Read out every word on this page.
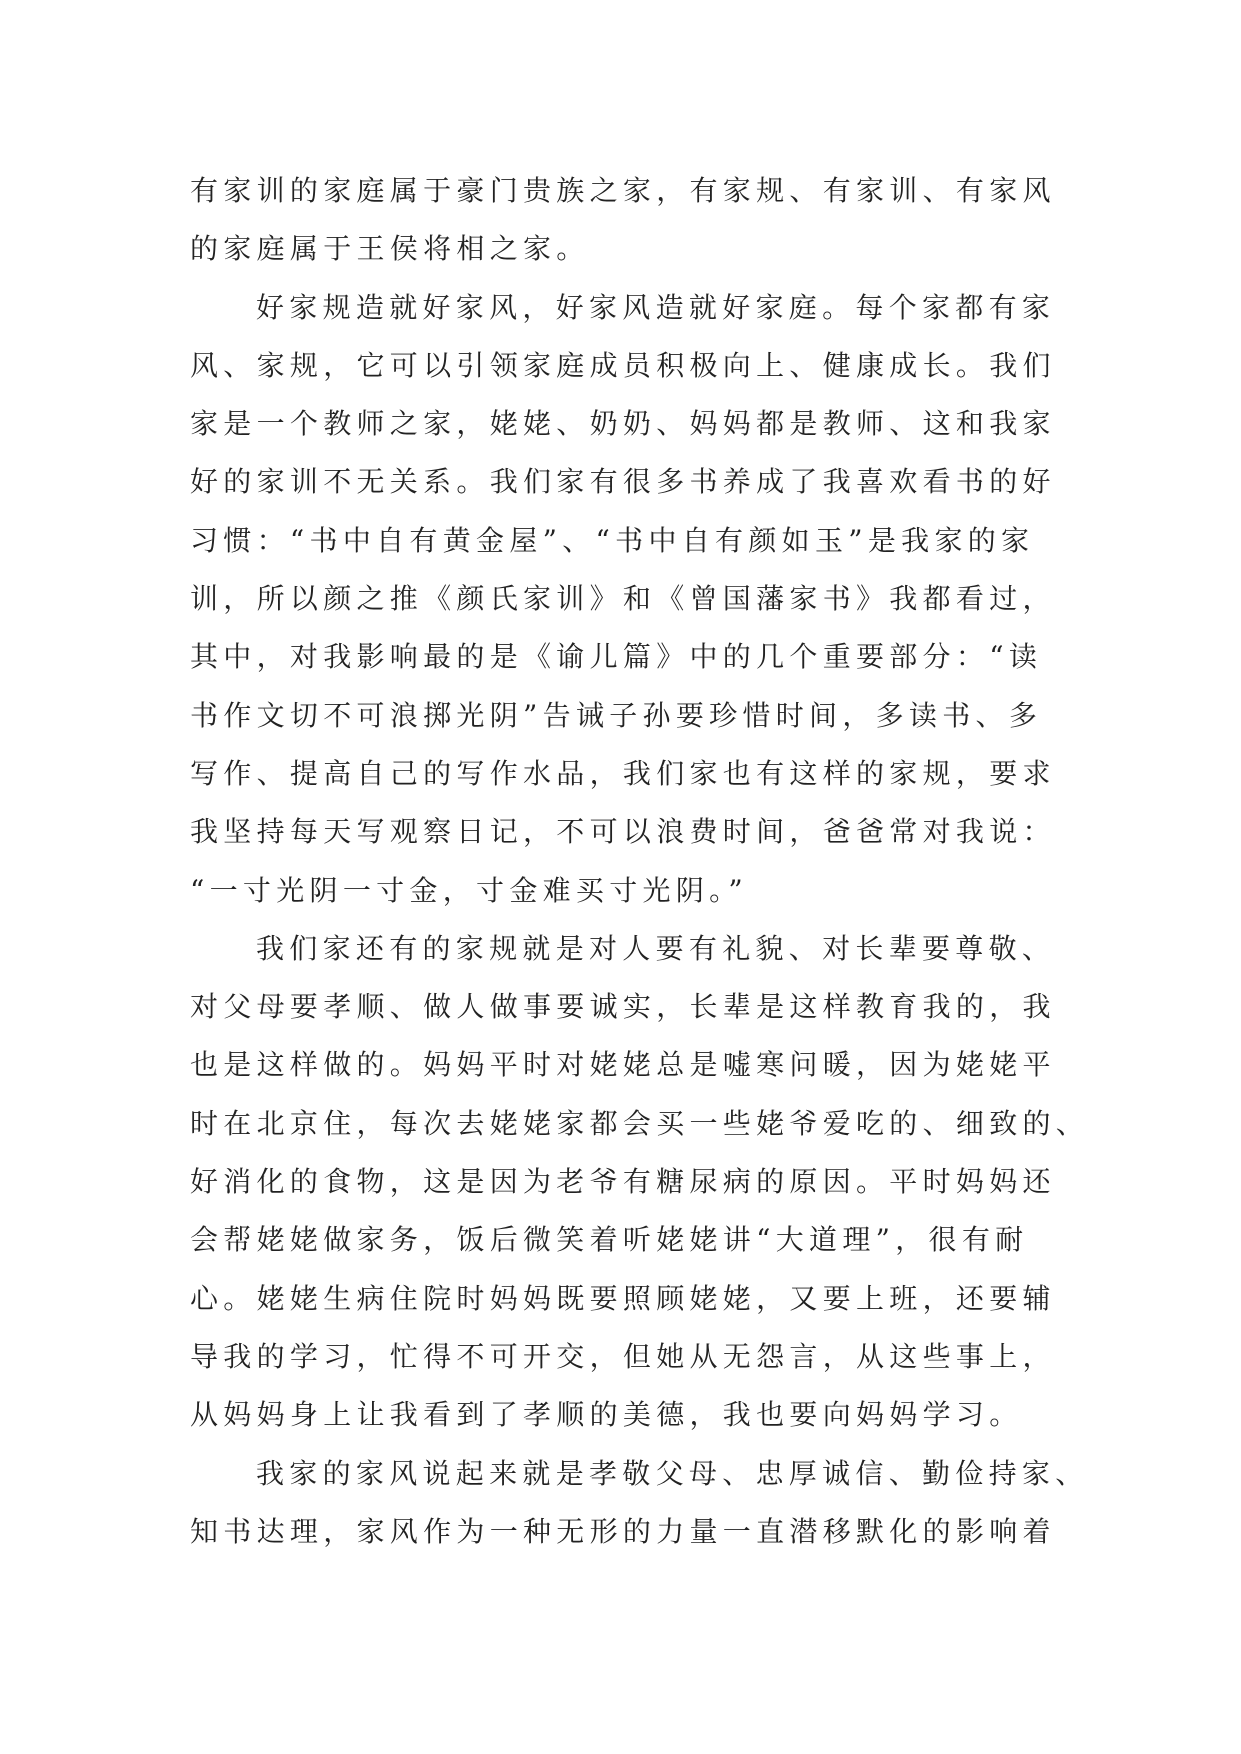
有家训的家庭属于豪门贵族之家，有家规、有家训、有家风
的家庭属于王侯将相之家。
好家规造就好家风，好家风造就好家庭。每个家都有家
风、家规，它可以引领家庭成员积极向上、健康成长。我们
家是一个教师之家，姥姥、奶奶、妈妈都是教师、这和我家
好的家训不无关系。我们家有很多书养成了我喜欢看书的好
习惯：“书中自有黄金屋”、“书中自有颜如玉”是我家的家
训，所以颜之推《颜氏家训》和《曾国藩家书》我都看过，
其中，对我影响最的是《谕儿篇》中的几个重要部分：“读
书作文切不可浪掷光阴”告诫子孙要珍惜时间，多读书、多
写作、提高自己的写作水品，我们家也有这样的家规，要求
我坚持每天写观察日记，不可以浪费时间，爸爸常对我说：
“一寸光阴一寸金，寸金难买寸光阴。”
我们家还有的家规就是对人要有礼貌、对长辈要尊敬、
对父母要孝顺、做人做事要诚实，长辈是这样教育我的，我
也是这样做的。妈妈平时对姥姥总是嘘寒问暖，因为姥姥平
时在北京住，每次去姥姥家都会买一些姥爷爱吃的、细致的、
好消化的食物，这是因为老爷有糖尿病的原因。平时妈妈还
会帮姥姥做家务，饭后微笑着听姥姥讲“大道理”，很有耐
心。姥姥生病住院时妈妈既要照顾姥姥，又要上班，还要辅
导我的学习，忙得不可开交，但她从无怨言，从这些事上，
从妈妈身上让我看到了孝顺的美德，我也要向妈妈学习。
我家的家风说起来就是孝敬父母、忠厚诚信、勤俭持家、
知书达理，家风作为一种无形的力量一直潜移默化的影响着
